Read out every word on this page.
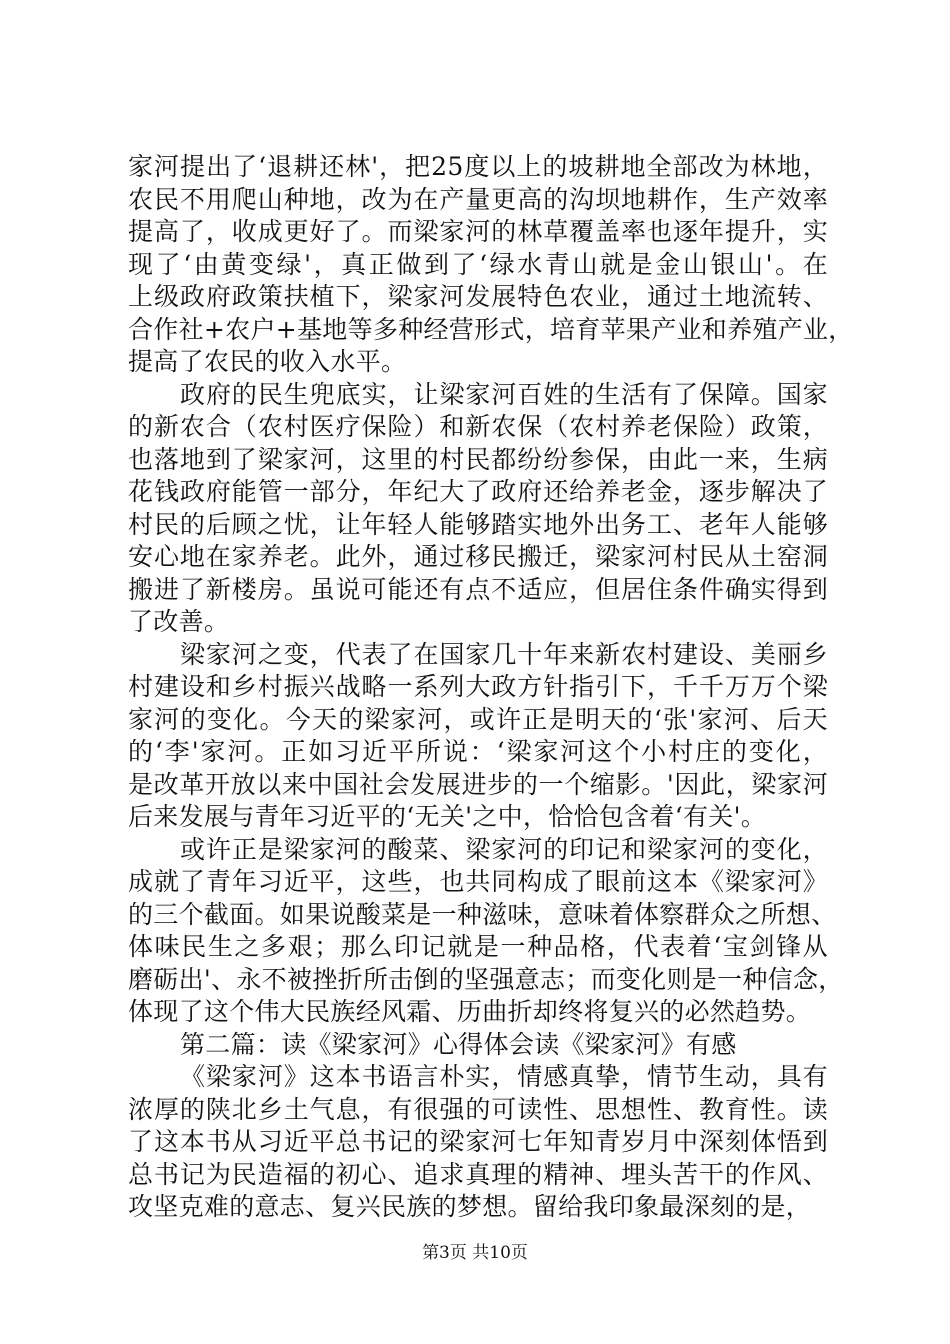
家河提出了‘退耕还林'，把25度以上的坡耕地全部改为林地，
农民不用爬山种地，改为在产量更高的沟坝地耕作，生产效率
提高了，收成更好了。而梁家河的林草覆盖率也逐年提升，实
现了‘由黄变绿'，真正做到了‘绿水青山就是金山银山'。在
上级政府政策扶植下，梁家河发展特色农业，通过土地流转、
合作社+农户+基地等多种经营形式，培育苹果产业和养殖产业，
提高了农民的收入水平。
政府的民生兜底实，让梁家河百姓的生活有了保障。国家
的新农合（农村医疗保险）和新农保（农村养老保险）政策，
也落地到了梁家河，这里的村民都纷纷参保，由此一来，生病
花钱政府能管一部分，年纪大了政府还给养老金，逐步解决了
村民的后顾之忧，让年轻人能够踏实地外出务工、老年人能够
安心地在家养老。此外，通过移民搬迁，梁家河村民从土窑洞
搬进了新楼房。虽说可能还有点不适应，但居住条件确实得到
了改善。
梁家河之变，代表了在国家几十年来新农村建设、美丽乡
村建设和乡村振兴战略一系列大政方针指引下，千千万万个梁
家河的变化。今天的梁家河，或许正是明天的‘张'家河、后天
的‘李'家河。正如习近平所说：‘梁家河这个小村庄的变化，
是改革开放以来中国社会发展进步的一个缩影。'因此，梁家河
后来发展与青年习近平的‘无关'之中，恰恰包含着‘有关'。
或许正是梁家河的酸菜、梁家河的印记和梁家河的变化，
成就了青年习近平，这些，也共同构成了眼前这本《梁家河》
的三个截面。如果说酸菜是一种滋味，意味着体察群众之所想、
体味民生之多艰；那么印记就是一种品格，代表着‘宝剑锋从
磨砺出'、永不被挫折所击倒的坚强意志；而变化则是一种信念，
体现了这个伟大民族经风霜、历曲折却终将复兴的必然趋势。
第二篇：读《梁家河》心得体会读《梁家河》有感
《梁家河》这本书语言朴实，情感真挚，情节生动，具有
浓厚的陕北乡土气息，有很强的可读性、思想性、教育性。读
了这本书从习近平总书记的梁家河七年知青岁月中深刻体悟到
总书记为民造福的初心、追求真理的精神、埋头苦干的作风、
攻坚克难的意志、复兴民族的梦想。留给我印象最深刻的是，
第3页 共10页
